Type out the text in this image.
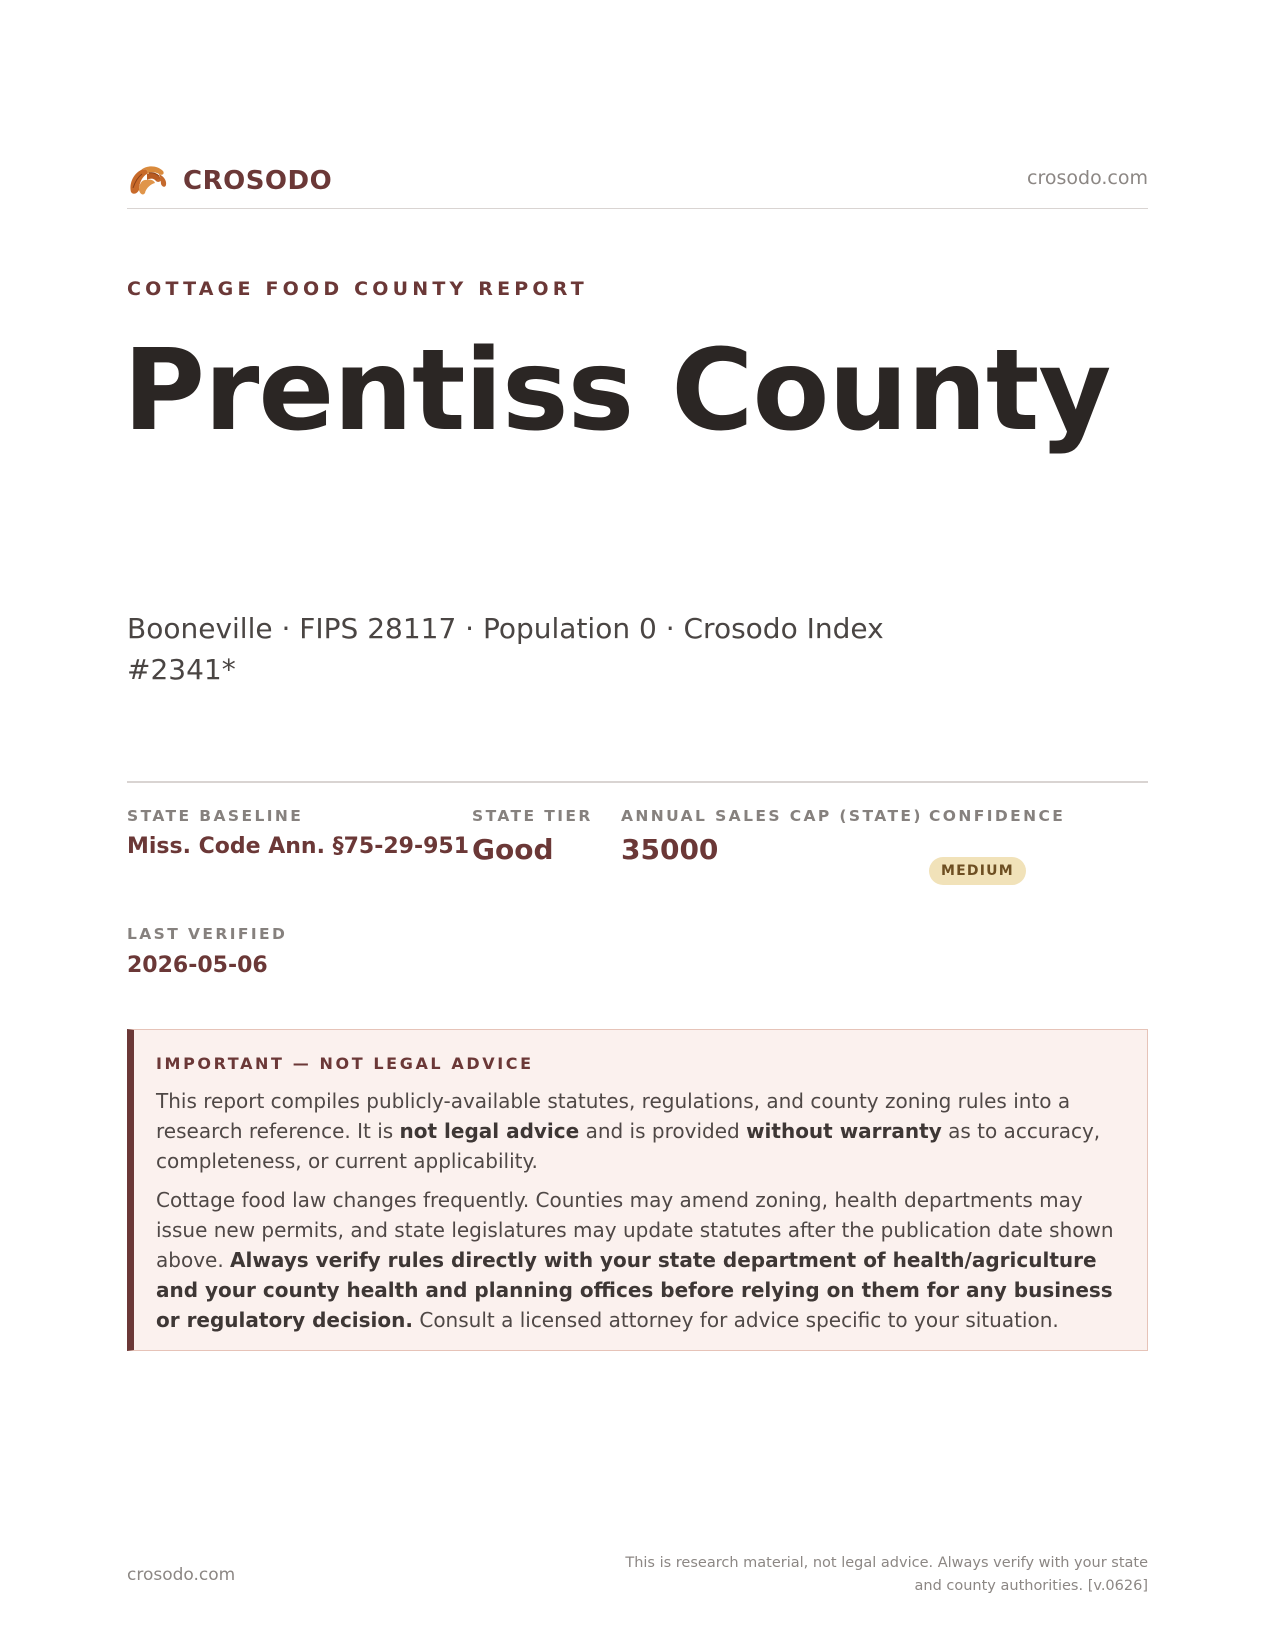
CROSODO	crosodo.com
COTTAGE FOOD COUNTY REPORT
Prentiss County
Booneville · FIPS 28117 · Population 0 · Crosodo Index #2341*
STATE BASELINE
Miss. Code Ann. §75-29-951
STATE TIER
Good
ANNUAL SALES CAP (STATE)
35000
CONFIDENCE
MEDIUM
LAST VERIFIED
2026-05-06
IMPORTANT — NOT LEGAL ADVICE

This report compiles publicly-available statutes, regulations, and county zoning rules into a research reference. It is not legal advice and is provided without warranty as to accuracy, completeness, or current applicability.

Cottage food law changes frequently. Counties may amend zoning, health departments may issue new permits, and state legislatures may update statutes after the publication date shown above. Always verify rules directly with your state department of health/agriculture and your county health and planning offices before relying on them for any business or regulatory decision. Consult a licensed attorney for advice specific to your situation.

crosodo.com
This is research material, not legal advice. Always verify with your state and county authorities. [v.0626]
